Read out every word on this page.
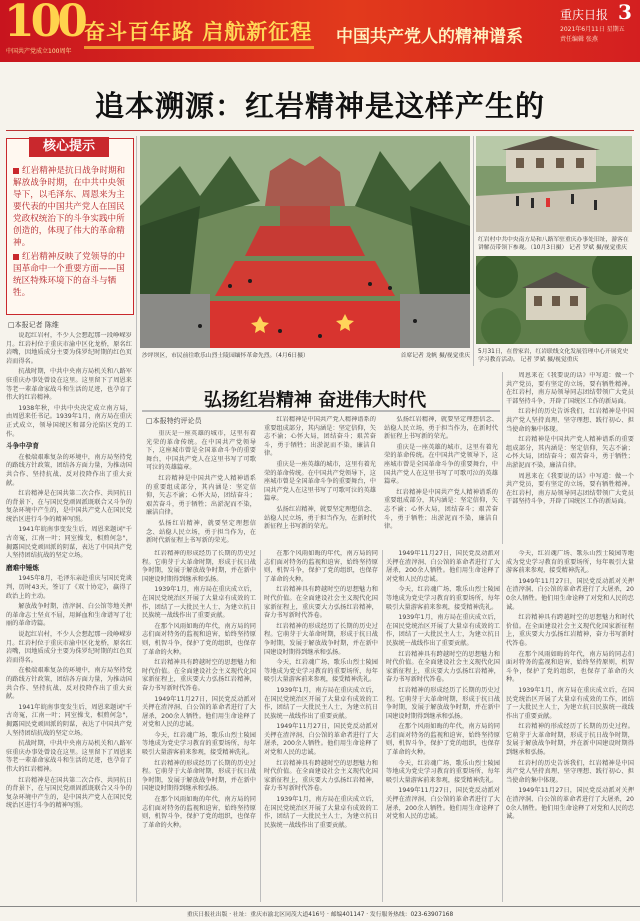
100
中国共产党成立100周年
奋斗百年路 启航新征程 中国共产党人的精神谱系
重庆日报 3
2021年6月11日 星期五
责任编辑 张燕
追本溯源：红岩精神是这样产生的
核心提示
红岩精神是抗日战争时期和解放战争时期，在中共中央领导下，以毛泽东、周恩来为主要代表的中国共产党人在国民党政权统治下的斗争实践中所创造的，体现了伟大的革命精神。
红岩精神反映了党领导的中国革命中一个重要方面——国统区特殊环境下的奋斗与牺牲。
□本报记者 陈维

说起红岩村，不少人会想起那一段峥嵘岁月。红岩村位于重庆市渝中区化龙桥，原名红岩嘴，因地质成分主要为侏罗纪时期的红色页岩而得名。

抗战时期，中共中央南方局机关和八路军驻重庆办事处曾设在这里。这里留下了周恩来等老一辈革命家战斗和生活的足迹，也孕育了伟大的红岩精神。

1938年秋，中共中央决定成立南方局，由周恩来任书记。1939年1月，南方局在重庆正式成立，领导国统区和部分沦陷区党的工作。

斗争中孕育

在极端艰难复杂的环境中，南方局坚持党的路线方针政策，团结各方面力量，为推动国共合作、坚持抗战、反对投降作出了重大贡献。

红岩精神是在国共第二次合作、共同抗日的背景下，在与国民党顽固派既联合又斗争的复杂环境中产生的，是中国共产党人在国民党统治区进行斗争的精神写照。

1941年皖南事变发生后，周恩来题词"千古奇冤，江南一叶；同室操戈，相煎何急"，揭露国民党顽固派的阴谋，表达了中国共产党人坚持团结抗战的坚定立场。

磨难中锤炼

1945年8月，毛泽东亲赴重庆与国民党谈判，历时43天，签订了《双十协定》，赢得了政治上的主动。

解放战争时期，渣滓洞、白公馆等地关押的革命志士坚贞不屈，用鲜血和生命谱写了壮丽的革命诗篇。

说起红岩村，不少人会想起那一段峥嵘岁月。红岩村位于重庆市渝中区化龙桥，原名红岩嘴，因地质成分主要为侏罗纪时期的红色页岩而得名。

在极端艰难复杂的环境中，南方局坚持党的路线方针政策，团结各方面力量，为推动国共合作、坚持抗战、反对投降作出了重大贡献。

1941年皖南事变发生后，周恩来题词"千古奇冤，江南一叶；同室操戈，相煎何急"，揭露国民党顽固派的阴谋，表达了中国共产党人坚持团结抗战的坚定立场。

抗战时期，中共中央南方局机关和八路军驻重庆办事处曾设在这里。这里留下了周恩来等老一辈革命家战斗和生活的足迹，也孕育了伟大的红岩精神。

红岩精神是在国共第二次合作、共同抗日的背景下，在与国民党顽固派既联合又斗争的复杂环境中产生的，是中国共产党人在国民党统治区进行斗争的精神写照。

沙坪坝区，市民前往歌乐山烈士陵园缅怀革命先烈。（4月6日摄）	首席记者 龙帆 摄/视觉重庆
红岩村中共中央南方局和八路军驻重庆办事处旧址，游客在讲解员带领下参观。（10月3日摄） 记者 罗斌 摄/视觉重庆
5月31日，在曾家岩，红岩联线文化发展管理中心开展党史学习教育活动。 记者 罗斌 摄/视觉重庆
弘扬红岩精神 奋进伟大时代
□本报特约评论员

重庆是一座英雄的城市，这里有着光荣的革命传统。在中国共产党领导下，这座城市曾是全国革命斗争的重要舞台，中国共产党人在这里书写了可歌可泣的英雄篇章。

红岩精神是中国共产党人精神谱系的重要组成部分，其内涵是：坚定信仰，矢志不渝；心怀大局，团结奋斗；艰苦奋斗，勇于牺牲；出淤泥而不染，廉洁自律。

弘扬红岩精神，就要坚定理想信念、站稳人民立场，勇于担当作为，在新时代新征程上书写新的荣光。

红岩精神是中国共产党人精神谱系的重要组成部分，其内涵是：坚定信仰，矢志不渝；心怀大局，团结奋斗；艰苦奋斗，勇于牺牲；出淤泥而不染，廉洁自律。

重庆是一座英雄的城市，这里有着光荣的革命传统。在中国共产党领导下，这座城市曾是全国革命斗争的重要舞台，中国共产党人在这里书写了可歌可泣的英雄篇章。

弘扬红岩精神，就要坚定理想信念、站稳人民立场，勇于担当作为，在新时代新征程上书写新的荣光。

弘扬红岩精神，就要坚定理想信念、站稳人民立场，勇于担当作为，在新时代新征程上书写新的荣光。

重庆是一座英雄的城市，这里有着光荣的革命传统。在中国共产党领导下，这座城市曾是全国革命斗争的重要舞台，中国共产党人在这里书写了可歌可泣的英雄篇章。

红岩精神是中国共产党人精神谱系的重要组成部分，其内涵是：坚定信仰，矢志不渝；心怀大局，团结奋斗；艰苦奋斗，勇于牺牲；出淤泥而不染，廉洁自律。

周恩来在《我要说的话》中写道：做一个共产党员，要有坚定的立场，要有牺牲精神。在红岩村，南方局领导同志团结带领广大党员干部坚持斗争，开辟了国统区工作的新局面。

红岩村的历史告诉我们，红岩精神是中国共产党人坚持真理、坚守理想、践行初心、担当使命的集中体现。

红岩精神是中国共产党人精神谱系的重要组成部分，其内涵是：坚定信仰，矢志不渝；心怀大局，团结奋斗；艰苦奋斗，勇于牺牲；出淤泥而不染，廉洁自律。

周恩来在《我要说的话》中写道：做一个共产党员，要有坚定的立场，要有牺牲精神。在红岩村，南方局领导同志团结带领广大党员干部坚持斗争，开辟了国统区工作的新局面。

红岩精神的形成经历了长期的历史过程。它萌芽于大革命时期，形成于抗日战争时期，发展于解放战争时期，并在新中国建设时期得到继承和弘扬。

1939年1月，南方局在重庆成立后，在国民党统治区开展了大量卓有成效的工作，团结了一大批民主人士，为建立抗日民族统一战线作出了重要贡献。

在那个风雨如晦的年代，南方局的同志们面对特务的监视和迫害，始终坚持原则，机智斗争，保护了党的组织，也保存了革命的火种。

红岩精神具有跨越时空的思想魅力和时代价值。在全面建设社会主义现代化国家新征程上，重庆要大力弘扬红岩精神，奋力书写新时代答卷。

1949年11月27日，国民党反动派对关押在渣滓洞、白公馆的革命者进行了大屠杀，200余人牺牲。他们用生命诠释了对党和人民的忠诚。

今天，红岩魂广场、歌乐山烈士陵园等地成为党史学习教育的重要场所，每年吸引大量游客前来参观，接受精神洗礼。

红岩精神的形成经历了长期的历史过程。它萌芽于大革命时期，形成于抗日战争时期，发展于解放战争时期，并在新中国建设时期得到继承和弘扬。

在那个风雨如晦的年代，南方局的同志们面对特务的监视和迫害，始终坚持原则，机智斗争，保护了党的组织，也保存了革命的火种。

在那个风雨如晦的年代，南方局的同志们面对特务的监视和迫害，始终坚持原则，机智斗争，保护了党的组织，也保存了革命的火种。

红岩精神具有跨越时空的思想魅力和时代价值。在全面建设社会主义现代化国家新征程上，重庆要大力弘扬红岩精神，奋力书写新时代答卷。

红岩精神的形成经历了长期的历史过程。它萌芽于大革命时期，形成于抗日战争时期，发展于解放战争时期，并在新中国建设时期得到继承和弘扬。

今天，红岩魂广场、歌乐山烈士陵园等地成为党史学习教育的重要场所，每年吸引大量游客前来参观，接受精神洗礼。

1939年1月，南方局在重庆成立后，在国民党统治区开展了大量卓有成效的工作，团结了一大批民主人士，为建立抗日民族统一战线作出了重要贡献。

1949年11月27日，国民党反动派对关押在渣滓洞、白公馆的革命者进行了大屠杀，200余人牺牲。他们用生命诠释了对党和人民的忠诚。

红岩精神具有跨越时空的思想魅力和时代价值。在全面建设社会主义现代化国家新征程上，重庆要大力弘扬红岩精神，奋力书写新时代答卷。

1939年1月，南方局在重庆成立后，在国民党统治区开展了大量卓有成效的工作，团结了一大批民主人士，为建立抗日民族统一战线作出了重要贡献。

1949年11月27日，国民党反动派对关押在渣滓洞、白公馆的革命者进行了大屠杀，200余人牺牲。他们用生命诠释了对党和人民的忠诚。

今天，红岩魂广场、歌乐山烈士陵园等地成为党史学习教育的重要场所，每年吸引大量游客前来参观，接受精神洗礼。

1939年1月，南方局在重庆成立后，在国民党统治区开展了大量卓有成效的工作，团结了一大批民主人士，为建立抗日民族统一战线作出了重要贡献。

红岩精神具有跨越时空的思想魅力和时代价值。在全面建设社会主义现代化国家新征程上，重庆要大力弘扬红岩精神，奋力书写新时代答卷。

红岩精神的形成经历了长期的历史过程。它萌芽于大革命时期，形成于抗日战争时期，发展于解放战争时期，并在新中国建设时期得到继承和弘扬。

在那个风雨如晦的年代，南方局的同志们面对特务的监视和迫害，始终坚持原则，机智斗争，保护了党的组织，也保存了革命的火种。

今天，红岩魂广场、歌乐山烈士陵园等地成为党史学习教育的重要场所，每年吸引大量游客前来参观，接受精神洗礼。

1949年11月27日，国民党反动派对关押在渣滓洞、白公馆的革命者进行了大屠杀，200余人牺牲。他们用生命诠释了对党和人民的忠诚。

今天，红岩魂广场、歌乐山烈士陵园等地成为党史学习教育的重要场所，每年吸引大量游客前来参观，接受精神洗礼。

1949年11月27日，国民党反动派对关押在渣滓洞、白公馆的革命者进行了大屠杀，200余人牺牲。他们用生命诠释了对党和人民的忠诚。

红岩精神具有跨越时空的思想魅力和时代价值。在全面建设社会主义现代化国家新征程上，重庆要大力弘扬红岩精神，奋力书写新时代答卷。

在那个风雨如晦的年代，南方局的同志们面对特务的监视和迫害，始终坚持原则，机智斗争，保护了党的组织，也保存了革命的火种。

1939年1月，南方局在重庆成立后，在国民党统治区开展了大量卓有成效的工作，团结了一大批民主人士，为建立抗日民族统一战线作出了重要贡献。

红岩精神的形成经历了长期的历史过程。它萌芽于大革命时期，形成于抗日战争时期，发展于解放战争时期，并在新中国建设时期得到继承和弘扬。

红岩村的历史告诉我们，红岩精神是中国共产党人坚持真理、坚守理想、践行初心、担当使命的集中体现。

1949年11月27日，国民党反动派对关押在渣滓洞、白公馆的革命者进行了大屠杀，200余人牺牲。他们用生命诠释了对党和人民的忠诚。

重庆日报社出版 · 社址：重庆市渝北区同茂大道416号 · 邮编401147 · 发行服务热线：023-63907168
